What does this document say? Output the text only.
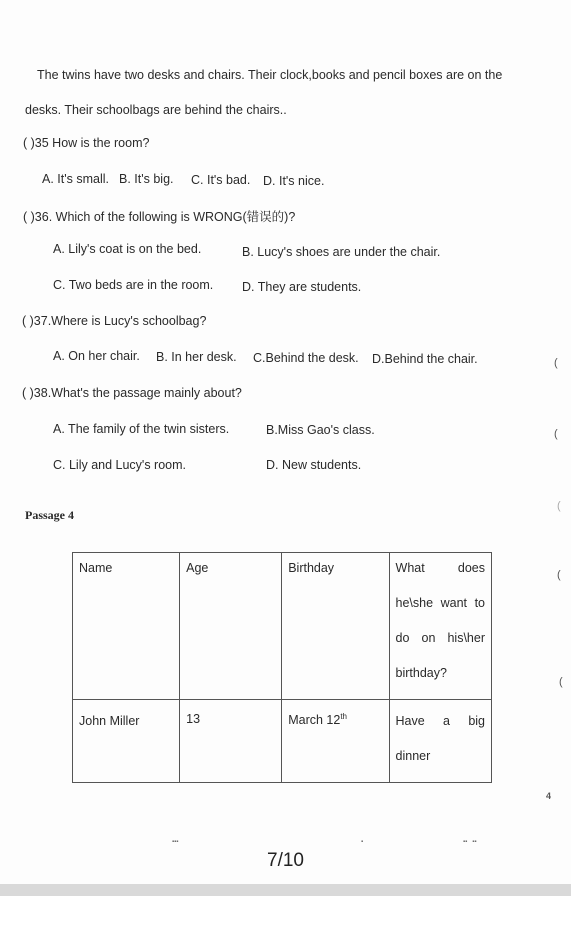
The twins have two desks and chairs. Their clock,books and pencil boxes are on the
desks. Their schoolbags are behind the chairs..
( )35 How is the room?
A. It's small. B. It's big. C. It's bad. D. It's nice.
( )36. Which of the following is WRONG(错误的)?
A. Lily's coat is on the bed.	B. Lucy's shoes are under the chair.
C. Two beds are in the room. D. They are students.
( )37.Where is Lucy's schoolbag?
A. On her chair. B. In her desk. C.Behind the desk. D.Behind the chair.
( )38.What's the passage mainly about?
A. The family of the twin sisters.	B.Miss Gao's class.
C. Lily and Lucy's room.	D. New students.
Passage 4
Name	Age	Birthday	What does he\she want to do on his\her birthday?

John Miller	13	March 12th	Have a big dinner
(
(
(
(
(
4
▪▪▪	▪	▪▪   ▪▪
7/10
